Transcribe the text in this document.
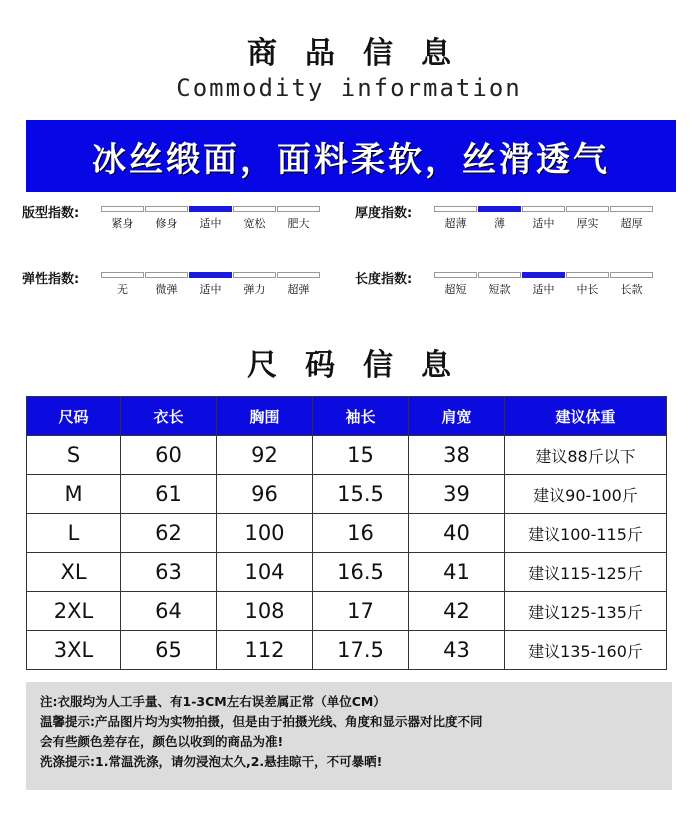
商品信息
Commodity information
冰丝缎面，面料柔软，丝滑透气
版型指数:
紧身 修身 适中 宽松 肥大
厚度指数:
超薄	薄	适中 厚实 超厚
弹性指数:
无	微弹 适中 弹力 超弹
长度指数:
超短 短款 适中 中长 长款
尺码信息
尺码	衣长	胸围	袖长	肩宽	建议体重
S	60	92	15	38	建议88斤以下
M	61	96	15.5	39	建议90-100斤
L	62	100	16	40	建议100-115斤
XL	63	104	16.5	41	建议115-125斤
2XL	64	108	17	42	建议125-135斤
3XL	65	112	17.5	43	建议135-160斤
注:衣服均为人工手量、有1-3CM左右误差属正常（单位CM）
温馨提示:产品图片均为实物拍摄，但是由于拍摄光线、角度和显示器对比度不同
会有些颜色差存在，颜色以收到的商品为准!
洗涤提示:1.常温洗涤，请勿浸泡太久,2.悬挂晾干，不可暴晒!
